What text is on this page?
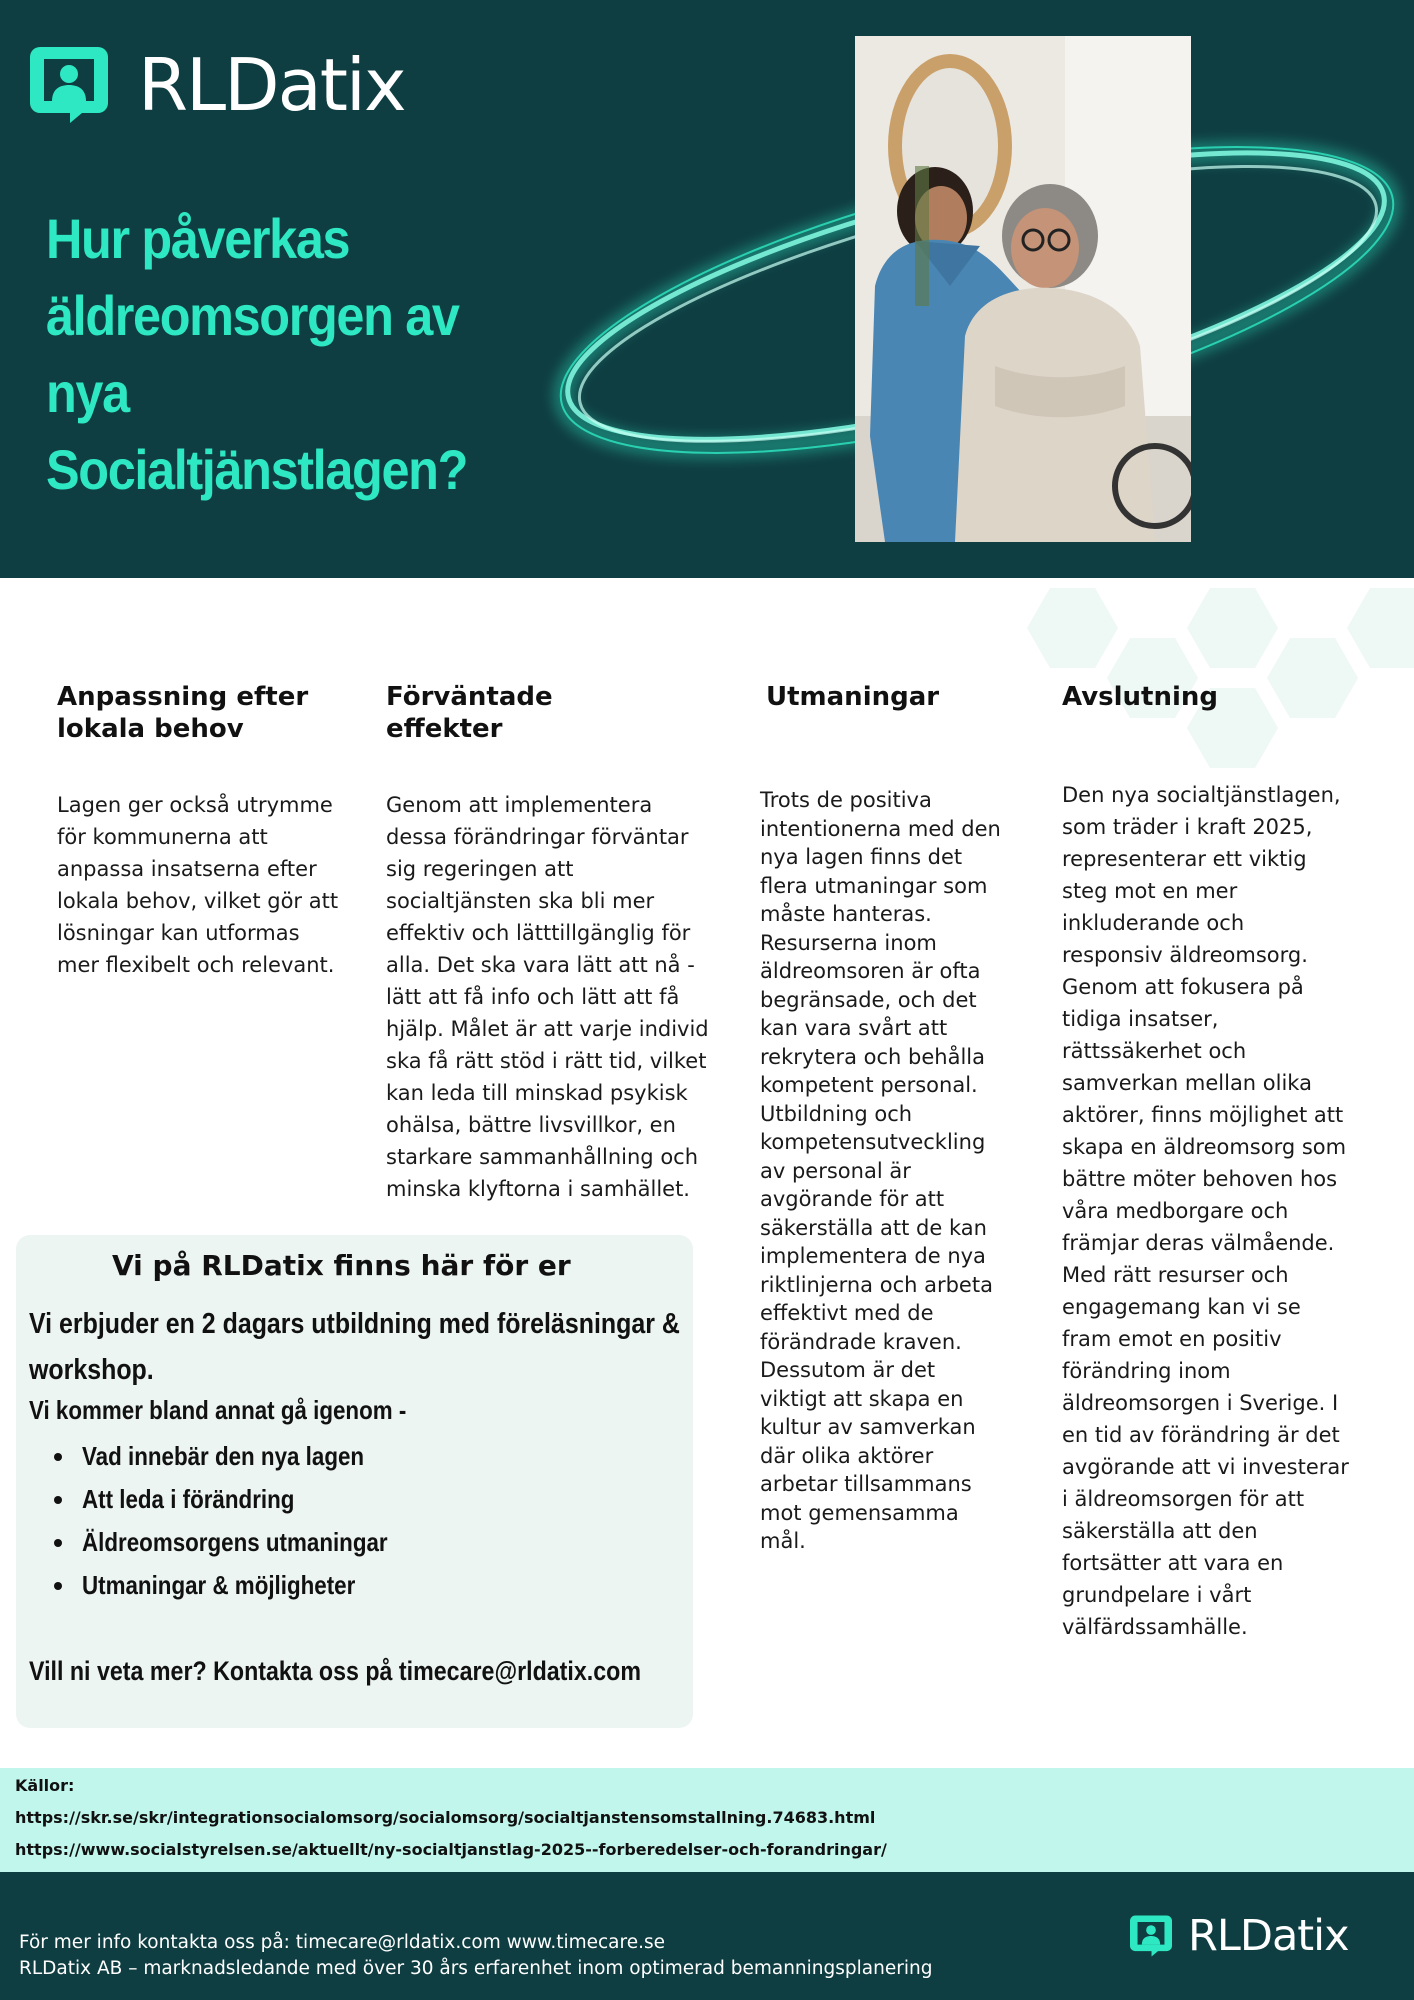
RLDatix
Hur påverkas
äldreomsorgen av nya
Socialtjänstlagen?
Anpassning efter
lokala behov

Lagen ger också utrymme
för kommunerna att
anpassa insatserna efter
lokala behov, vilket gör att
lösningar kan utformas
mer flexibelt och relevant.

Förväntade
effekter

Genom att implementera
dessa förändringar förväntar
sig regeringen att
socialtjänsten ska bli mer
effektiv och lätttillgänglig för
alla. Det ska vara lätt att nå -
lätt att få info och lätt att få
hjälp. Målet är att varje individ
ska få rätt stöd i rätt tid, vilket
kan leda till minskad psykisk
ohälsa, bättre livsvillkor, en
starkare sammanhållning och
minska klyftorna i samhället.

Utmaningar

Trots de positiva
intentionerna med den
nya lagen finns det
flera utmaningar som
måste hanteras.
Resurserna inom
äldreomsoren är ofta
begränsade, och det
kan vara svårt att
rekrytera och behålla
kompetent personal.
Utbildning och
kompetensutveckling
av personal är
avgörande för att
säkerställa att de kan
implementera de nya
riktlinjerna och arbeta
effektivt med de
förändrade kraven.
Dessutom är det
viktigt att skapa en
kultur av samverkan
där olika aktörer
arbetar tillsammans
mot gemensamma
mål.

Avslutning

Den nya socialtjänstlagen,
som träder i kraft 2025,
representerar ett viktig
steg mot en mer
inkluderande och
responsiv äldreomsorg.
Genom att fokusera på
tidiga insatser,
rättssäkerhet och
samverkan mellan olika
aktörer, finns möjlighet att
skapa en äldreomsorg som
bättre möter behoven hos
våra medborgare och
främjar deras välmående.
Med rätt resurser och
engagemang kan vi se
fram emot en positiv
förändring inom
äldreomsorgen i Sverige. I
en tid av förändring är det
avgörande att vi investerar
i äldreomsorgen för att
säkerställa att den
fortsätter att vara en
grundpelare i vårt
välfärdssamhälle.

Vi på RLDatix finns här för er

Vi erbjuder en 2 dagars utbildning med föreläsningar &
workshop.

Vi kommer bland annat gå igenom -

Vad innebär den nya lagen
Att leda i förändring
Äldreomsorgens utmaningar
Utmaningar & möjligheter

Vill ni veta mer? Kontakta oss på timecare@rldatix.com

Källor:
https://skr.se/skr/integrationsocialomsorg/socialomsorg/socialtjanstensomstallning.74683.html
https://www.socialstyrelsen.se/aktuellt/ny-socialtjanstlag-2025--forberedelser-och-forandringar/
För mer info kontakta oss på: timecare@rldatix.com www.timecare.se
RLDatix AB – marknadsledande med över 30 års erfarenhet inom optimerad bemanningsplanering
RLDatix
